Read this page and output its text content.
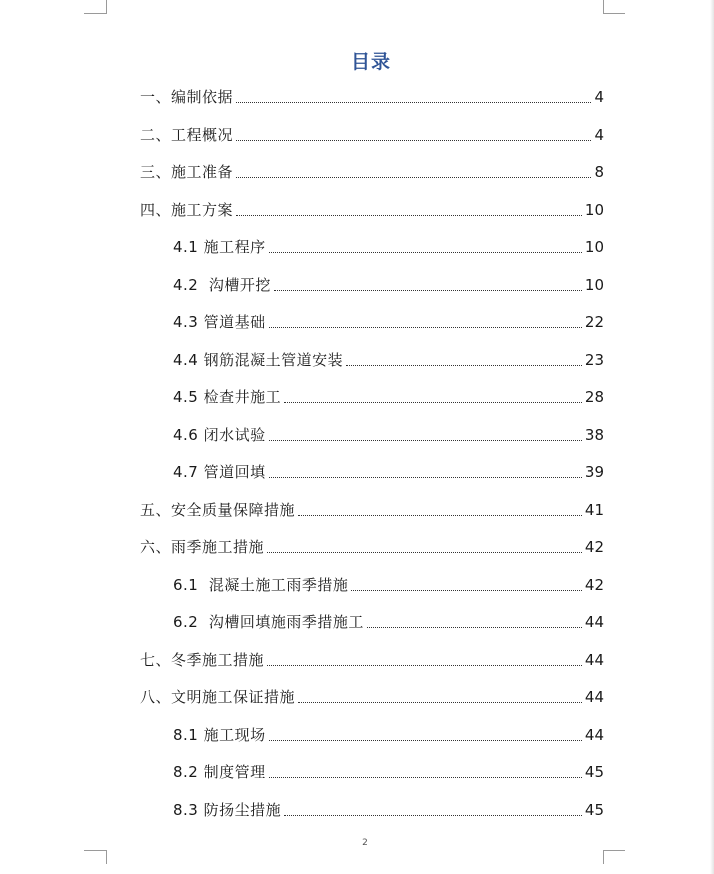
目录
一、编制依据	4
二、工程概况	4
三、施工准备	8
四、施工方案	10
4.1 施工程序	10
4.2  沟槽开挖	10
4.3 管道基础	22
4.4 钢筋混凝土管道安装	23
4.5 检查井施工	28
4.6 闭水试验	38
4.7 管道回填	39
五、安全质量保障措施	41
六、雨季施工措施	42
6.1  混凝土施工雨季措施	42
6.2  沟槽回填施雨季措施工	44
七、冬季施工措施	44
八、文明施工保证措施	44
8.1 施工现场	44
8.2 制度管理	45
8.3 防扬尘措施	45
2
